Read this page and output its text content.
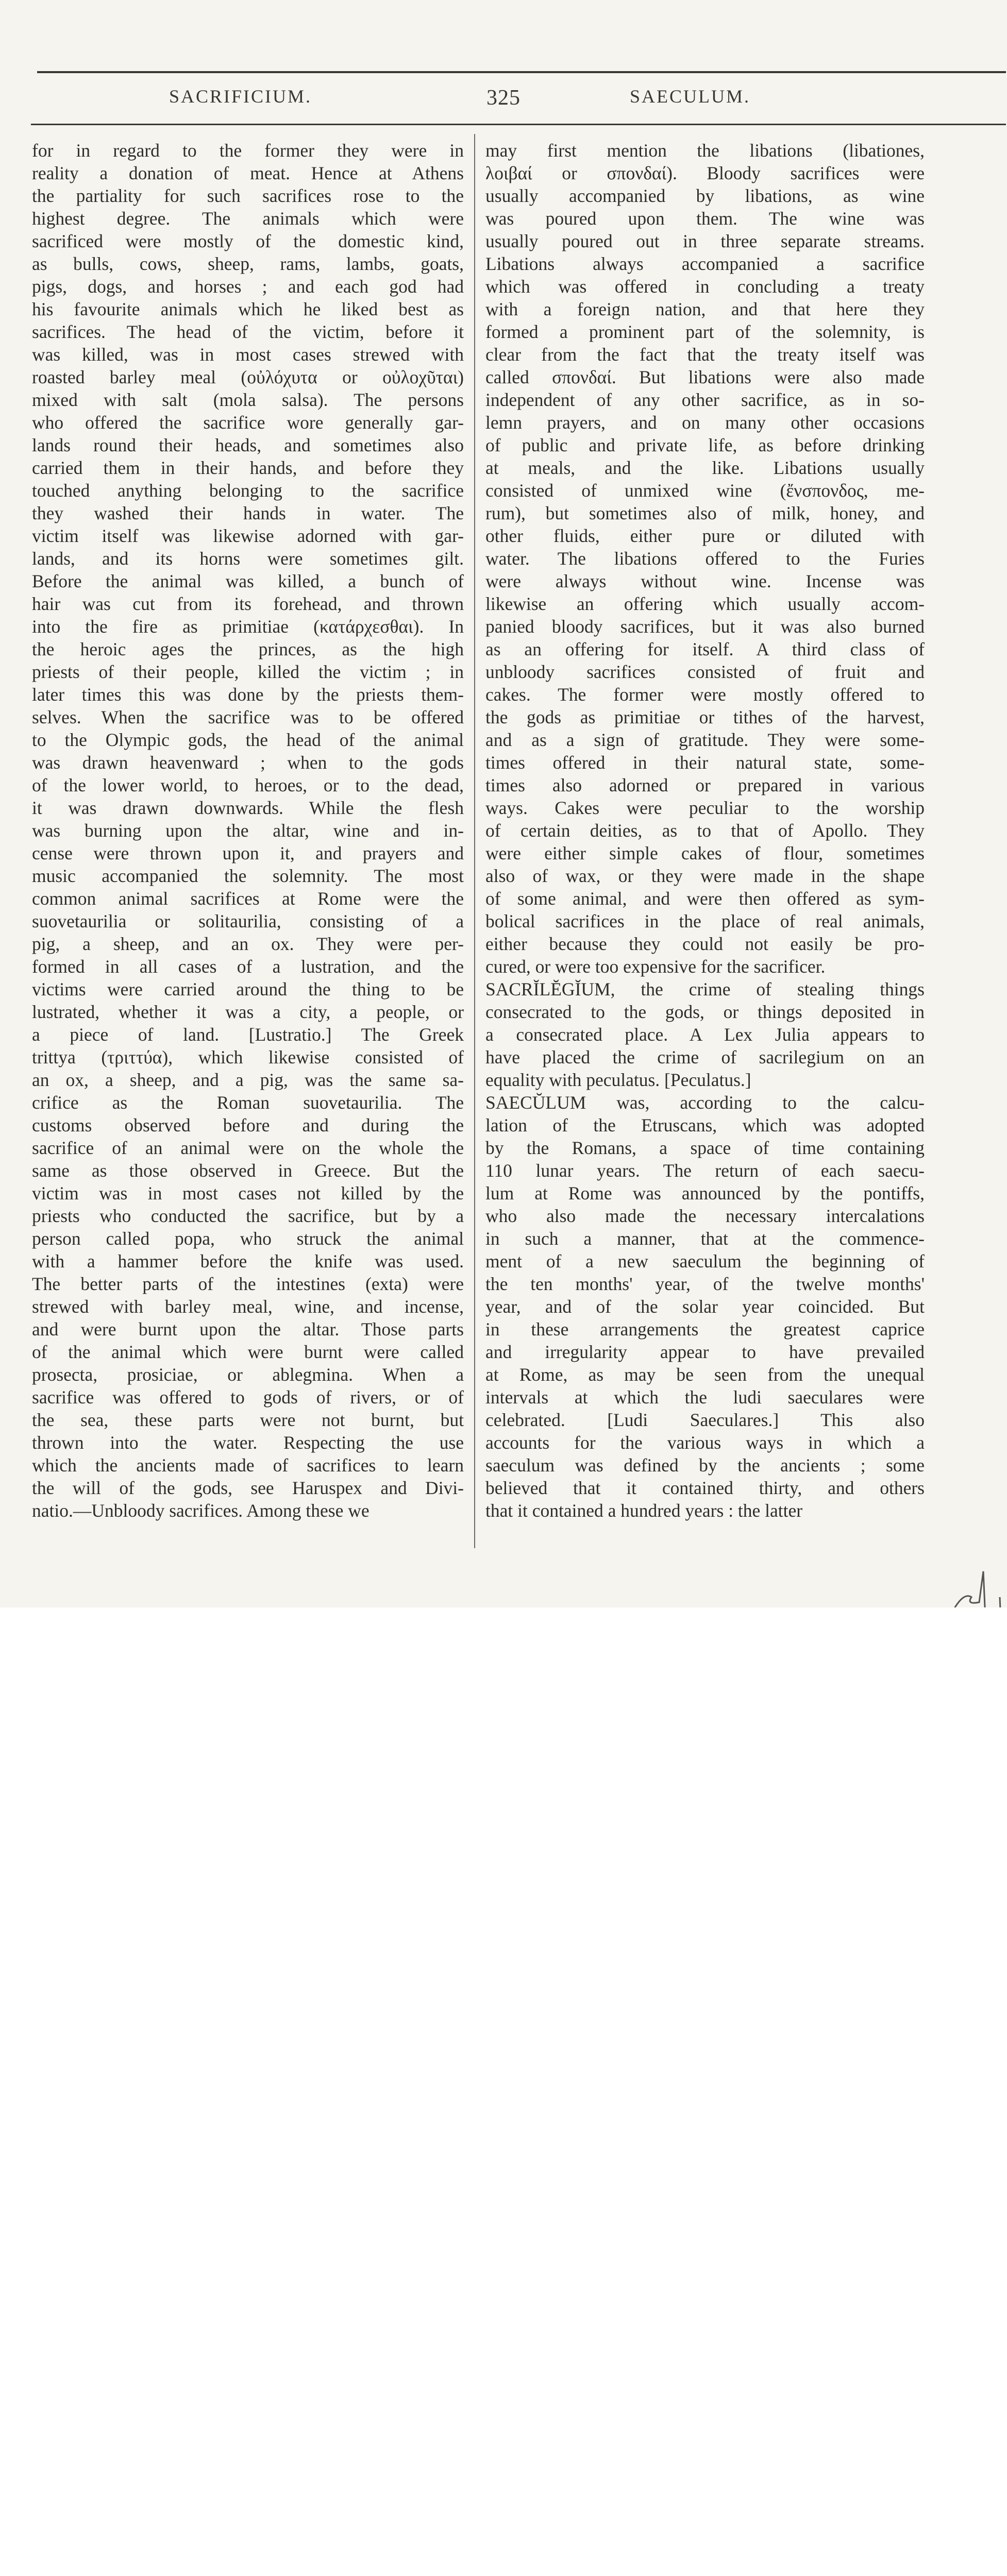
SACRIFICIUM.	325	SAECULUM.

for in regard to the former they were in

reality a donation of meat. Hence at Athens

the partiality for such sacrifices rose to the

highest degree. The animals which were

sacrificed were mostly of the domestic kind,

as bulls, cows, sheep, rams, lambs, goats,

pigs, dogs, and horses ; and each god had

his favourite animals which he liked best as

sacrifices. The head of the victim, before it

was killed, was in most cases strewed with

roasted barley meal (οὐλόχυτα or οὐλοχῦται)

mixed with salt (mola salsa). The persons

who offered the sacrifice wore generally gar-

lands round their heads, and sometimes also

carried them in their hands, and before they

touched anything belonging to the sacrifice

they washed their hands in water. The

victim itself was likewise adorned with gar-

lands, and its horns were sometimes gilt.

Before the animal was killed, a bunch of

hair was cut from its forehead, and thrown

into the fire as primitiae (κατάρχεσθαι). In

the heroic ages the princes, as the high

priests of their people, killed the victim ; in

later times this was done by the priests them-

selves. When the sacrifice was to be offered

to the Olympic gods, the head of the animal

was drawn heavenward ; when to the gods

of the lower world, to heroes, or to the dead,

it was drawn downwards. While the flesh

was burning upon the altar, wine and in-

cense were thrown upon it, and prayers and

music accompanied the solemnity. The most

common animal sacrifices at Rome were the

suovetaurilia or solitaurilia, consisting of a

pig, a sheep, and an ox. They were per-

formed in all cases of a lustration, and the

victims were carried around the thing to be

lustrated, whether it was a city, a people, or

a piece of land. [Lustratio.] The Greek

trittya (τριττύα), which likewise consisted of

an ox, a sheep, and a pig, was the same sa-

crifice as the Roman suovetaurilia. The

customs observed before and during the

sacrifice of an animal were on the whole the

same as those observed in Greece. But the

victim was in most cases not killed by the

priests who conducted the sacrifice, but by a

person called popa, who struck the animal

with a hammer before the knife was used.

The better parts of the intestines (exta) were

strewed with barley meal, wine, and incense,

and were burnt upon the altar. Those parts

of the animal which were burnt were called

prosecta, prosiciae, or ablegmina. When a

sacrifice was offered to gods of rivers, or of

the sea, these parts were not burnt, but

thrown into the water. Respecting the use

which the ancients made of sacrifices to learn

the will of the gods, see Haruspex and Divi-

natio.—Unbloody sacrifices. Among these we

may first mention the libations (libationes,

λοιβαί or σπονδαί). Bloody sacrifices were

usually accompanied by libations, as wine

was poured upon them. The wine was

usually poured out in three separate streams.

Libations always accompanied a sacrifice

which was offered in concluding a treaty

with a foreign nation, and that here they

formed a prominent part of the solemnity, is

clear from the fact that the treaty itself was

called σπονδαί. But libations were also made

independent of any other sacrifice, as in so-

lemn prayers, and on many other occasions

of public and private life, as before drinking

at meals, and the like. Libations usually

consisted of unmixed wine (ἔνσπονδος, me-

rum), but sometimes also of milk, honey, and

other fluids, either pure or diluted with

water. The libations offered to the Furies

were always without wine. Incense was

likewise an offering which usually accom-

panied bloody sacrifices, but it was also burned

as an offering for itself. A third class of

unbloody sacrifices consisted of fruit and

cakes. The former were mostly offered to

the gods as primitiae or tithes of the harvest,

and as a sign of gratitude. They were some-

times offered in their natural state, some-

times also adorned or prepared in various

ways. Cakes were peculiar to the worship

of certain deities, as to that of Apollo. They

were either simple cakes of flour, sometimes

also of wax, or they were made in the shape

of some animal, and were then offered as sym-

bolical sacrifices in the place of real animals,

either because they could not easily be pro-

cured, or were too expensive for the sacrificer.

SACRĬLĔGĬUM, the crime of stealing things

consecrated to the gods, or things deposited in

a consecrated place. A Lex Julia appears to

have placed the crime of sacrilegium on an

equality with peculatus. [Peculatus.]

SAECŬLUM was, according to the calcu-

lation of the Etruscans, which was adopted

by the Romans, a space of time containing

110 lunar years. The return of each saecu-

lum at Rome was announced by the pontiffs,

who also made the necessary intercalations

in such a manner, that at the commence-

ment of a new saeculum the beginning of

the ten months' year, of the twelve months'

year, and of the solar year coincided. But

in these arrangements the greatest caprice

and irregularity appear to have prevailed

at Rome, as may be seen from the unequal

intervals at which the ludi saeculares were

celebrated. [Ludi Saeculares.] This also

accounts for the various ways in which a

saeculum was defined by the ancients ; some

believed that it contained thirty, and others

that it contained a hundred years : the latter
